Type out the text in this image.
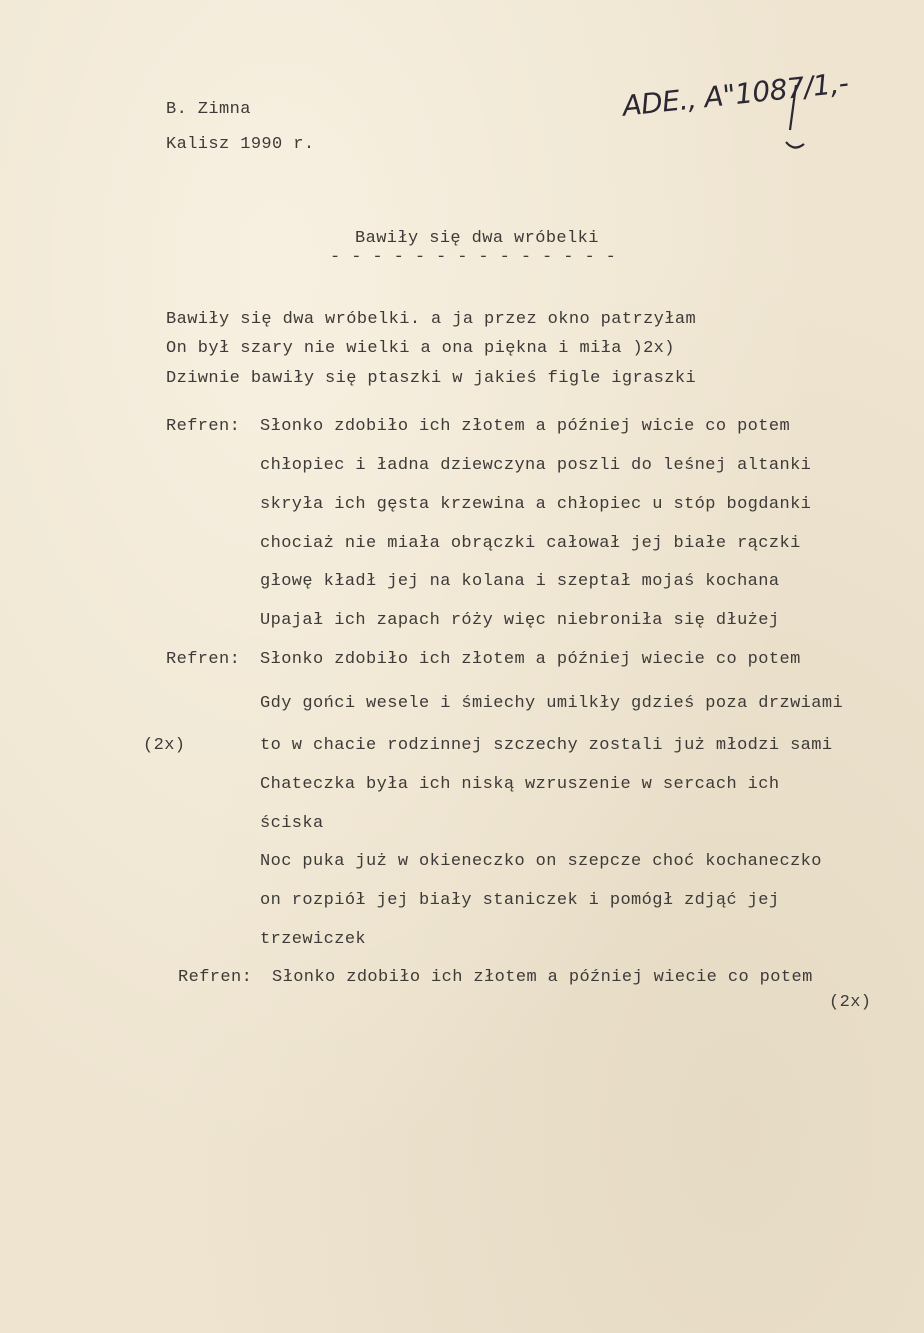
B. Zimna
Kalisz 1990 r.
ADE., A"1087/1,-
Bawiły się dwa wróbelki
- - - - - - - - - - - - - -
Bawiły się dwa wróbelki. a ja przez okno patrzyłam
On był szary nie wielki a ona piękna i miła )2x)
Dziwnie bawiły się ptaszki w jakieś figle igraszki
Refren: Słonko zdobiło ich złotem a później wicie co potem
chłopiec i ładna dziewczyna poszli do leśnej altanki
skryła ich gęsta krzewina a chłopiec u stóp bogdanki
chociaż nie miała obrączki całował jej białe rączki
głowę kładł jej na kolana i szeptał mojaś kochana
Upajał ich zapach róży więc niebroniła się dłużej
Refren: Słonko zdobiło ich złotem a później wiecie co potem
Gdy gońci wesele i śmiechy umilkły gdzieś poza drzwiami
(2x)	to w chacie rodzinnej szczechy zostali już młodzi sami
Chateczka była ich niską wzruszenie w sercach ich
ściska
Noc puka już w okieneczko on szepcze choć kochaneczko
on rozpiół jej biały staniczek i pomógł zdjąć jej
trzewiczek
Refren: Słonko zdobiło ich złotem a później wiecie co potem
(2x)
